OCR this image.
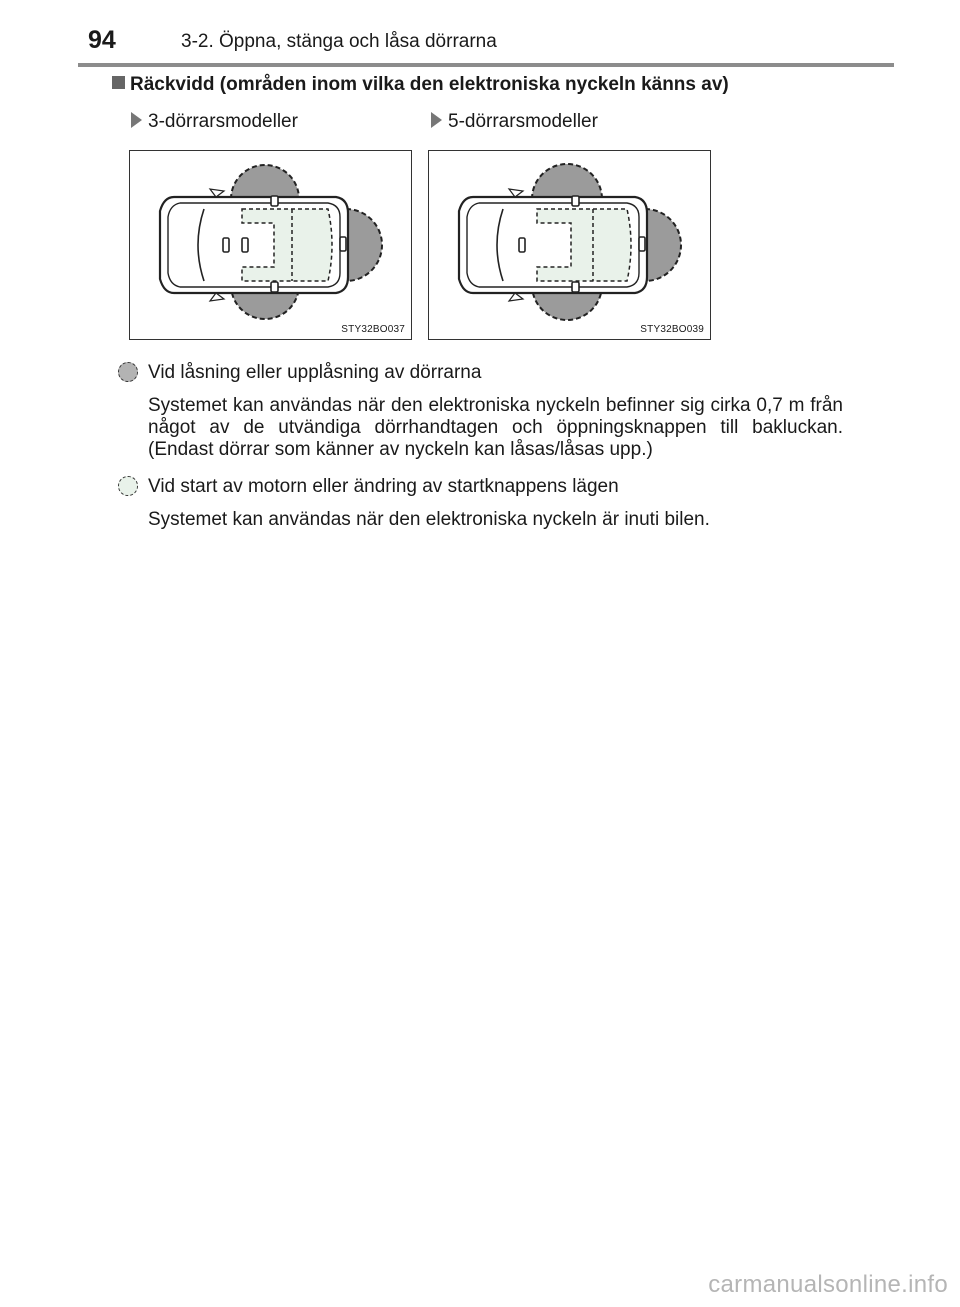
94	3-2. Öppna, stänga och låsa dörrarna
Räckvidd (områden inom vilka den elektroniska nyckeln känns av)
3-dörrarsmodeller	5-dörrarsmodeller
STY32BO037	STY32BO039
Vid låsning eller upplåsning av dörrarna
Systemet kan användas när den elektroniska nyckeln befinner sig cirka 0,7 m från något av de utvändiga dörrhandtagen och öppningsknappen till bakluckan. (Endast dörrar som känner av nyckeln kan låsas/låsas upp.)
Vid start av motorn eller ändring av startknappens lägen
Systemet kan användas när den elektroniska nyckeln är inuti bilen.
carmanualsonline.info
